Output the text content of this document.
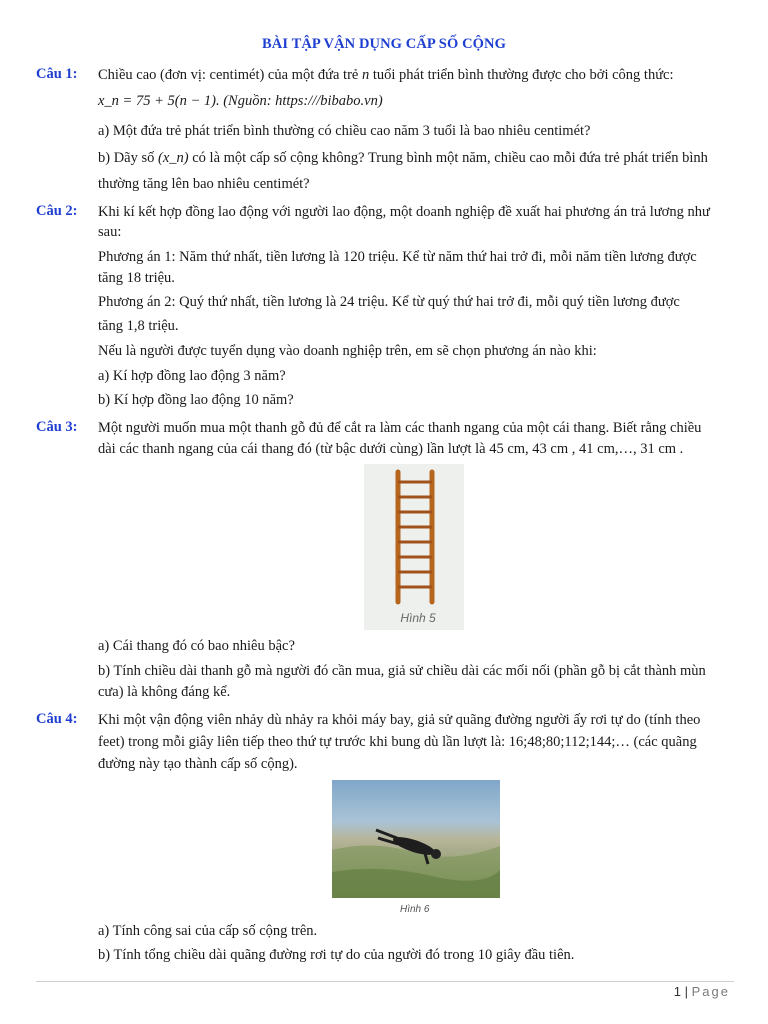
BÀI TẬP VẬN DỤNG CẤP SỐ CỘNG
Câu 1: Chiều cao (đơn vị: centimét) của một đứa trẻ n tuổi phát triển bình thường được cho bởi công thức:
x_n = 75 + 5(n − 1). (Nguồn: https:///bibabo.vn)
a) Một đứa trẻ phát triển bình thường có chiều cao năm 3 tuổi là bao nhiêu centimét?
b) Dãy số (x_n) có là một cấp số cộng không? Trung bình một năm, chiều cao mỗi đứa trẻ phát triển bình
thường tăng lên bao nhiêu centimét?
Câu 2: Khi kí kết hợp đồng lao động với người lao động, một doanh nghiệp đề xuất hai phương án trả lương như
sau:
Phương án 1: Năm thứ nhất, tiền lương là 120 triệu. Kể từ năm thứ hai trở đi, mỗi năm tiền lương được
tăng 18 triệu.
Phương án 2: Quý thứ nhất, tiền lương là 24 triệu. Kể từ quý thứ hai trở đi, mỗi quý tiền lương được
tăng 1,8 triệu.
Nếu là người được tuyển dụng vào doanh nghiệp trên, em sẽ chọn phương án nào khi:
a) Kí hợp đồng lao động 3 năm?
b) Kí hợp đồng lao động 10 năm?
Câu 3: Một người muốn mua một thanh gỗ đủ để cắt ra làm các thanh ngang của một cái thang. Biết rằng chiều
dài các thanh ngang của cái thang đó (từ bậc dưới cùng) lần lượt là 45 cm, 43 cm , 41 cm,…, 31 cm .
Hình 5
a) Cái thang đó có bao nhiêu bậc?
b) Tính chiều dài thanh gỗ mà người đó cần mua, giả sử chiều dài các mối nối (phần gỗ bị cắt thành mùn
cưa) là không đáng kể.
Câu 4: Khi một vận động viên nhảy dù nhảy ra khỏi máy bay, giả sử quãng đường người ấy rơi tự do (tính theo
feet) trong mỗi giây liên tiếp theo thứ tự trước khi bung dù lần lượt là: 16;48;80;112;144;… (các quãng
đường này tạo thành cấp số cộng).
Hình 6
a) Tính công sai của cấp số cộng trên.
b) Tính tổng chiều dài quãng đường rơi tự do của người đó trong 10 giây đầu tiên.
1 | Page
